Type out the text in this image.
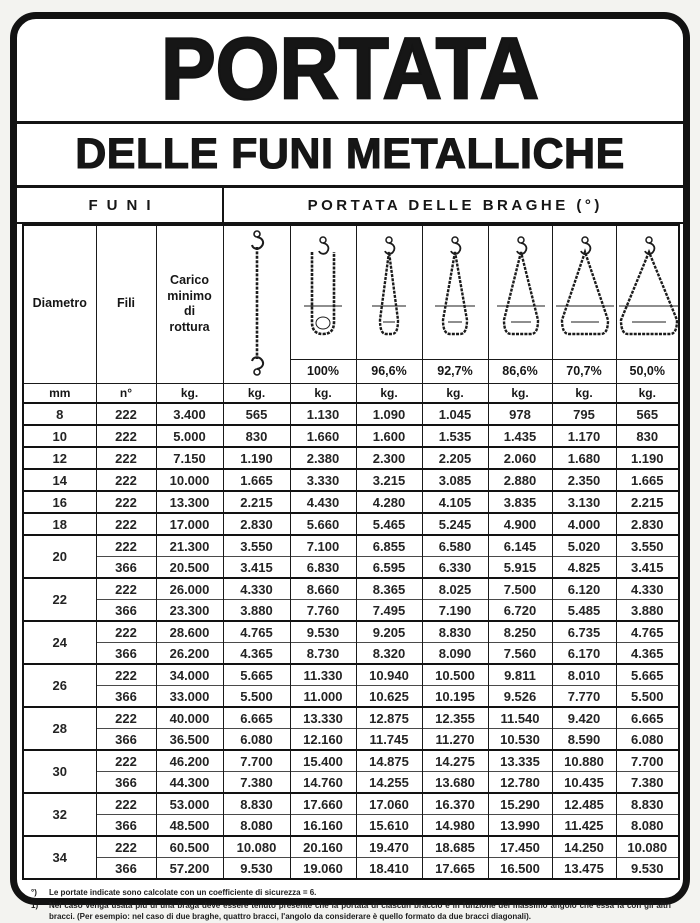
PORTATA
DELLE FUNI METALLICHE
FUNI	PORTATA DELLE BRAGHE (°)
Diametro	Fili	Carico minimo di rottura	

				100%	96,6%	92,7%	86,6%	70,7%	50,0%
mm	n°	kg.	kg.	kg.	kg.	kg.	kg.	kg.	kg.
8	222	3.400	565	1.130	1.090	1.045	978	795	565
10	222	5.000	830	1.660	1.600	1.535	1.435	1.170	830
12	222	7.150	1.190	2.380	2.300	2.205	2.060	1.680	1.190
14	222	10.000	1.665	3.330	3.215	3.085	2.880	2.350	1.665
16	222	13.300	2.215	4.430	4.280	4.105	3.835	3.130	2.215
18	222	17.000	2.830	5.660	5.465	5.245	4.900	4.000	2.830
20	222	21.300	3.550	7.100	6.855	6.580	6.145	5.020	3.550
	366	20.500	3.415	6.830	6.595	6.330	5.915	4.825	3.415
22	222	26.000	4.330	8.660	8.365	8.025	7.500	6.120	4.330
	366	23.300	3.880	7.760	7.495	7.190	6.720	5.485	3.880
24	222	28.600	4.765	9.530	9.205	8.830	8.250	6.735	4.765
	366	26.200	4.365	8.730	8.320	8.090	7.560	6.170	4.365
26	222	34.000	5.665	11.330	10.940	10.500	9.811	8.010	5.665
	366	33.000	5.500	11.000	10.625	10.195	9.526	7.770	5.500
28	222	40.000	6.665	13.330	12.875	12.355	11.540	9.420	6.665
	366	36.500	6.080	12.160	11.745	11.270	10.530	8.590	6.080
30	222	46.200	7.700	15.400	14.875	14.275	13.335	10.880	7.700
	366	44.300	7.380	14.760	14.255	13.680	12.780	10.435	7.380
32	222	53.000	8.830	17.660	17.060	16.370	15.290	12.485	8.830
	366	48.500	8.080	16.160	15.610	14.980	13.990	11.425	8.080
34	222	60.500	10.080	20.160	19.470	18.685	17.450	14.250	10.080
	366	57.200	9.530	19.060	18.410	17.665	16.500	13.475	9.530
°)	Le portate indicate sono calcolate con un coefficiente di sicurezza = 6.
1)	Nel caso venga usata più di una braga deve essere tenuto presente che la portata di ciascun braccio è in funzione del massimo angolo che essa fa con gli altri bracci. (Per esempio: nel caso di due braghe, quattro bracci, l'angolo da considerare è quello formato da due bracci diagonali).
